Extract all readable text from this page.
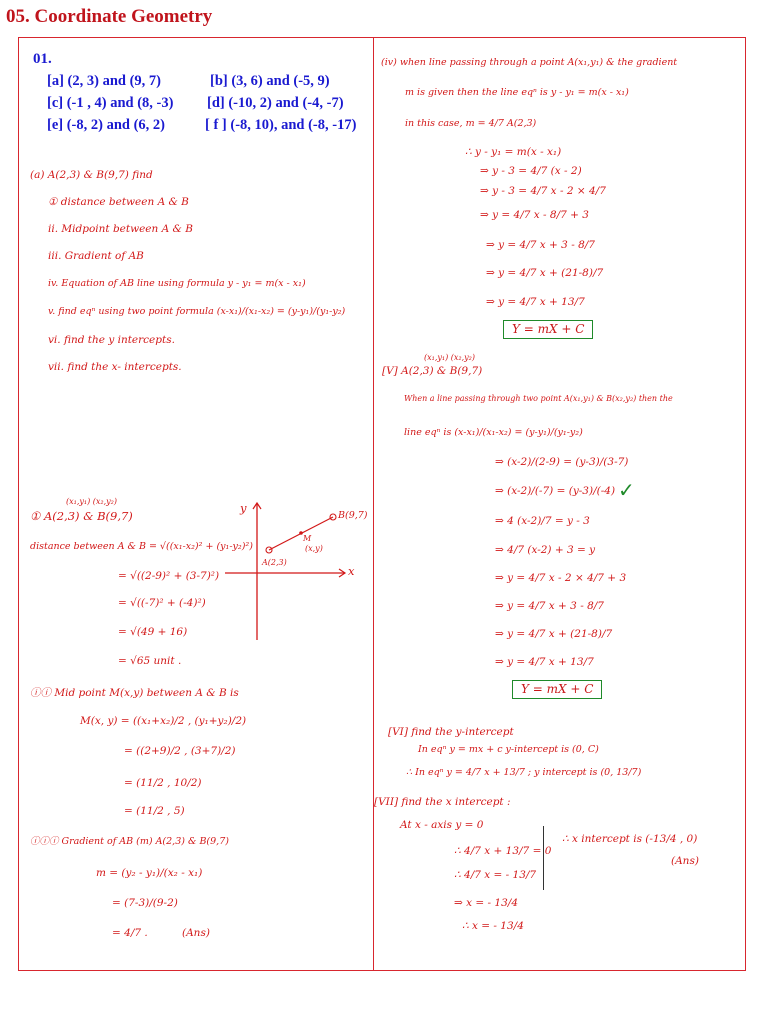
05. Coordinate Geometry
01.
[a] (2, 3) and (9, 7)	[b] (3, 6) and (-5, 9)
[c] (-1 , 4) and (8, -3) [d] (-10, 2) and (-4, -7)
[e] (-8, 2) and (6, 2)	[ f ] (-8, 10), and (-8, -17)
(a) A(2,3) & B(9,7) find
① distance between A & B
ii. Midpoint between A & B
iii. Gradient of AB
iv. Equation of AB line using formula y - y₁ = m(x - x₁)
v. find eqⁿ using two point formula (x-x₁)/(x₁-x₂) = (y-y₁)/(y₁-y₂)
vi. find the y intercepts.
vii. find the x- intercepts.
(x₁,y₁) (x₂,y₂)
① A(2,3) & B(9,7)
distance between A & B = √((x₁-x₂)² + (y₁-y₂)²)
= √((2-9)² + (3-7)²)
= √((-7)² + (-4)²)
= √(49 + 16)
= √65 unit .
y
x
B(9,7)
A(2,3)
M
(x,y)
ⓘⓘ Mid point M(x,y) between A & B is
M(x, y) = ((x₁+x₂)/2 , (y₁+y₂)/2)
= ((2+9)/2 , (3+7)/2)
= (11/2 , 10/2)
= (11/2 , 5)
ⓘⓘⓘ Gradient of AB (m) A(2,3) & B(9,7)
m = (y₂ - y₁)/(x₂ - x₁)
= (7-3)/(9-2)
= 4/7 .	(Ans)
(iv) when line passing through a point A(x₁,y₁) & the gradient
m is given then the line eqⁿ is y - y₁ = m(x - x₁)
in this case, m = 4/7 A(2,3)
∴ y - y₁ = m(x - x₁)
⇒ y - 3 = 4/7 (x - 2)
⇒ y - 3 = 4/7 x - 2 × 4/7
⇒ y = 4/7 x - 8/7 + 3
⇒ y = 4/7 x + 3 - 8/7
⇒ y = 4/7 x + (21-8)/7
⇒ y = 4/7 x + 13/7
Y = mX + C
(x₁,y₁) (x₂,y₂)
[V] A(2,3) & B(9,7)
When a line passing through two point A(x₁,y₁) & B(x₂,y₂) then the
line eqⁿ is (x-x₁)/(x₁-x₂) = (y-y₁)/(y₁-y₂)
⇒ (x-2)/(2-9) = (y-3)/(3-7)
⇒ (x-2)/(-7) = (y-3)/(-4) ✓
⇒ 4 (x-2)/7 = y - 3
⇒ 4/7 (x-2) + 3 = y
⇒ y = 4/7 x - 2 × 4/7 + 3
⇒ y = 4/7 x + 3 - 8/7
⇒ y = 4/7 x + (21-8)/7
⇒ y = 4/7 x + 13/7
Y = mX + C
[VI] find the y-intercept
In eqⁿ y = mx + c y-intercept is (0, C)
∴ In eqⁿ y = 4/7 x + 13/7 ; y intercept is (0, 13/7)
[VII] find the x intercept :
At x - axis y = 0
∴ 4/7 x + 13/7 = 0
∴ 4/7 x = - 13/7
⇒ x = - 13/4
∴ x = - 13/4
∴ x intercept is (-13/4 , 0)
(Ans)
